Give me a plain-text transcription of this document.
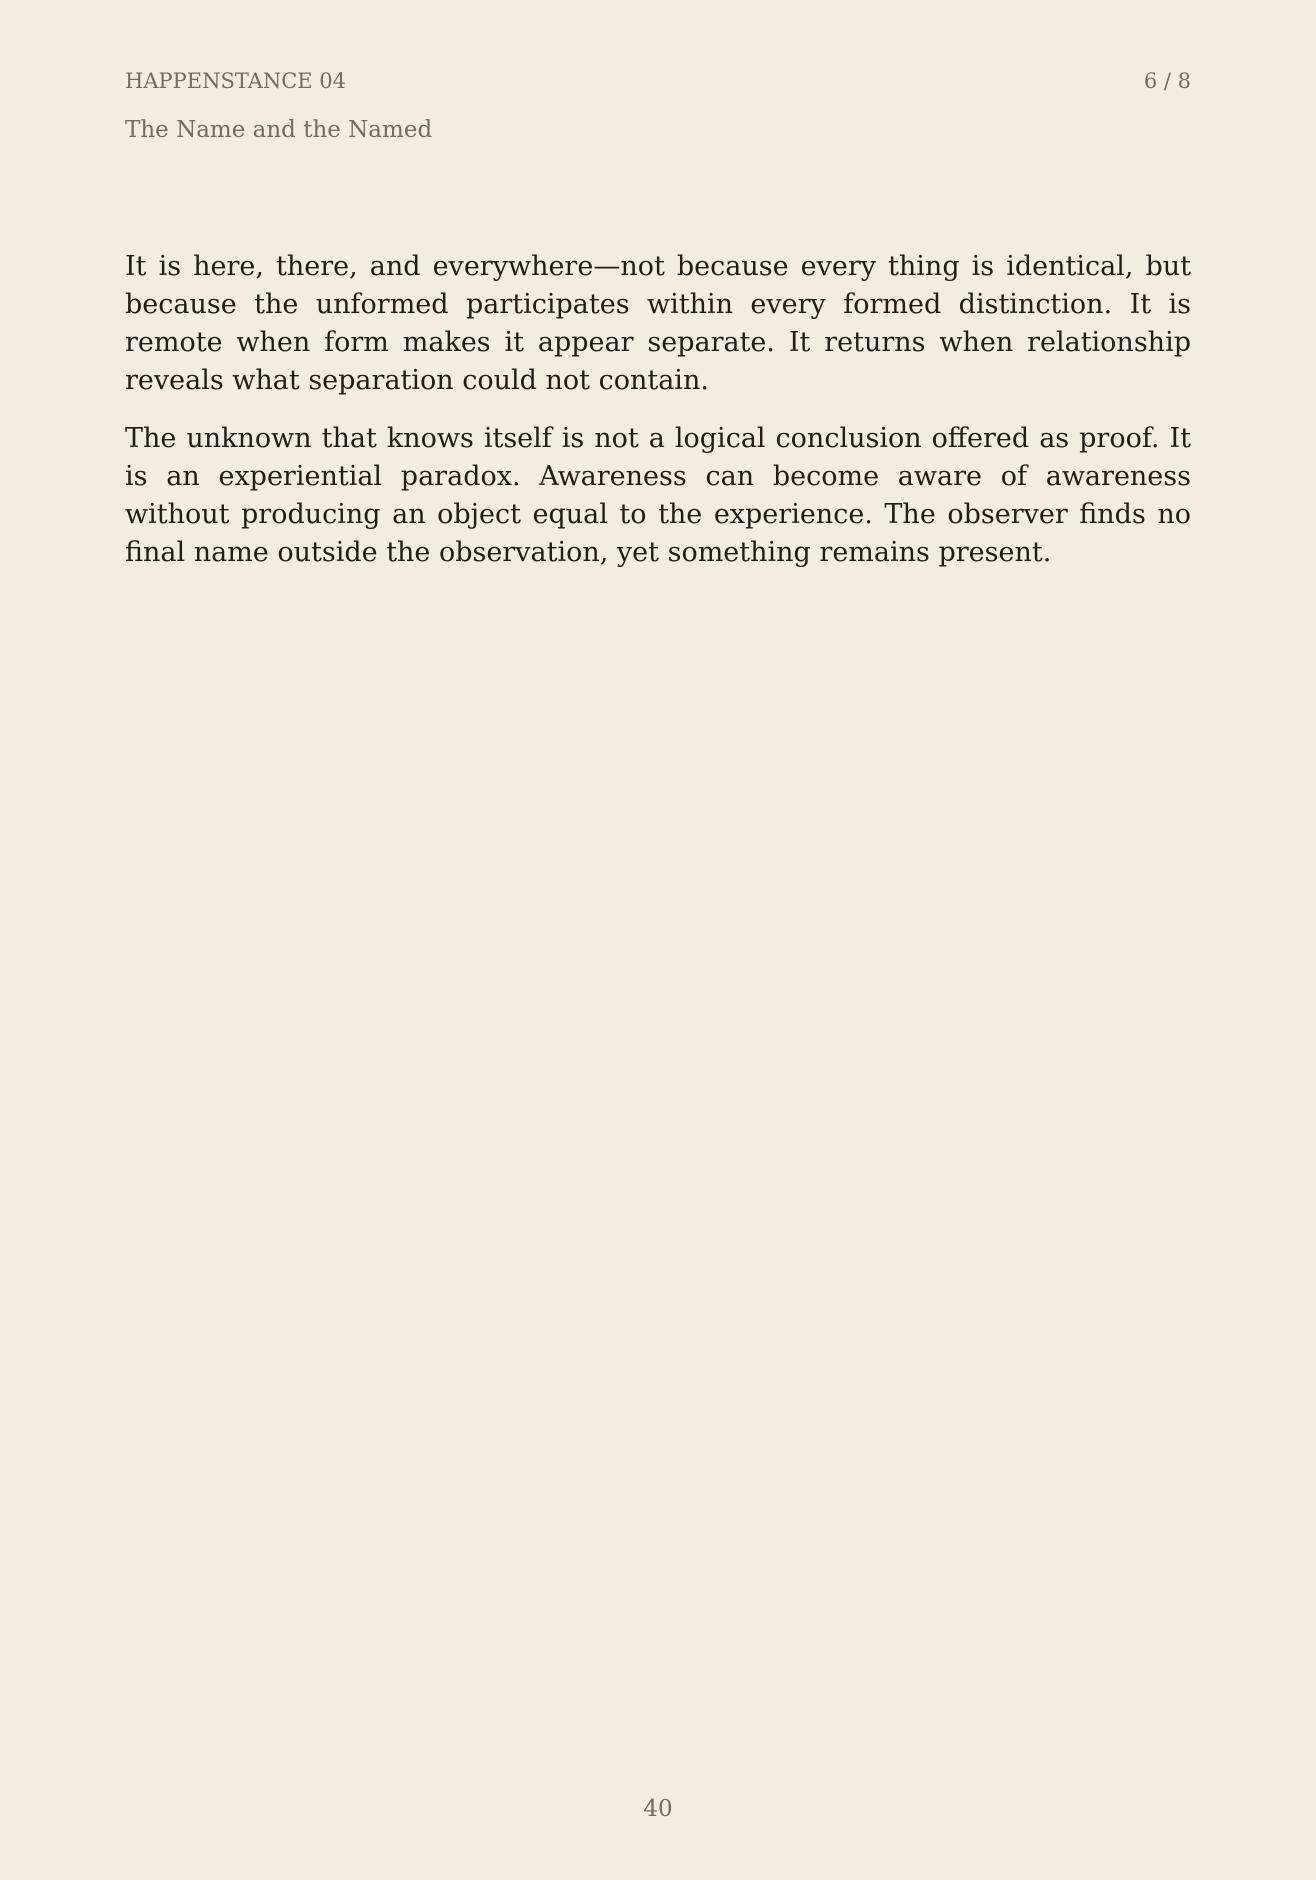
HAPPENSTANCE 04	6 / 8
The Name and the Named

It is here, there, and everywhere—not because every thing is identical, but because the unformed participates within every formed distinction. It is remote when form makes it appear separate. It returns when relationship reveals what separation could not contain.

The unknown that knows itself is not a logical conclusion offered as proof. It is an experiential paradox. Awareness can become aware of awareness without producing an object equal to the experience. The observer finds no final name outside the observation, yet something remains present.

40
